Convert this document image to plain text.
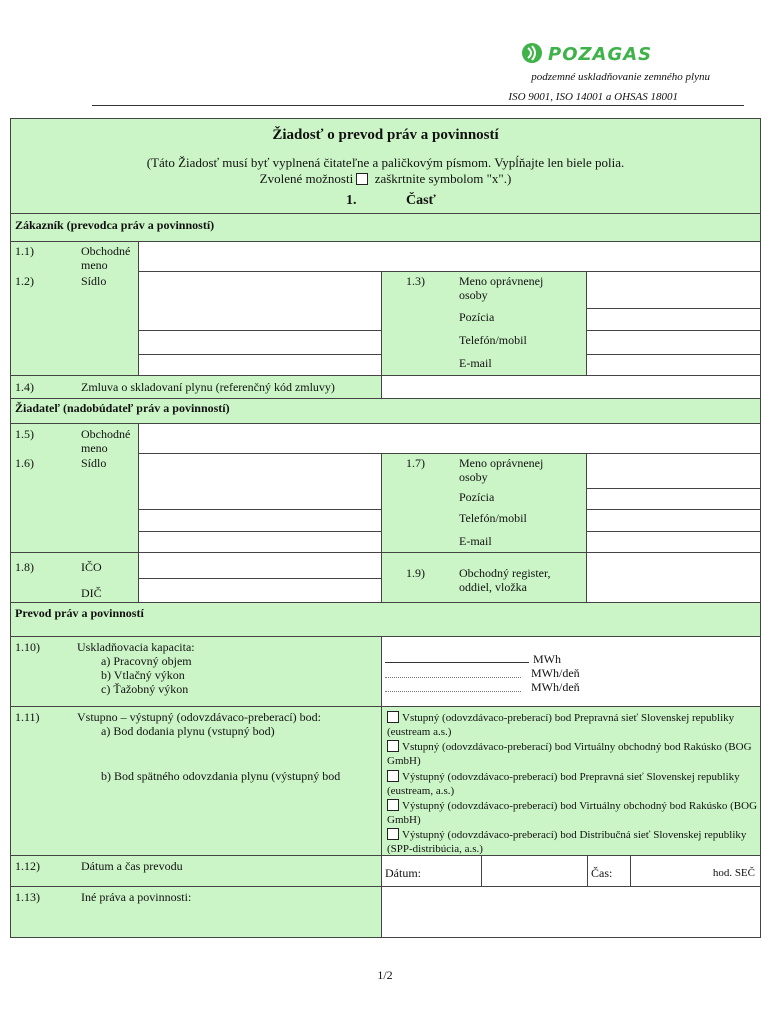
POZAGAS
podzemné uskladňovanie zemného plynu
ISO 9001, ISO 14001 a OHSAS 18001
Žiadosť o prevod práv a povinností
(Táto Žiadosť musí byť vyplnená čitateľne a paličkovým písmom. Vypĺňajte len biele polia.
Zvolené možnosti zaškrtnite symbolom "x".)
1.	Časť
Zákazník (prevodca práv a povinností)
1.1)	Obchodné meno
1.2)	Sídlo	1.3)	Meno oprávnenej osoby
Pozícia
Telefón/mobil
E-mail
1.4)	Zmluva o skladovaní plynu (referenčný kód zmluvy)
Žiadateľ (nadobúdateľ práv a povinností)
1.5)	Obchodné meno
1.6)	Sídlo	1.7)	Meno oprávnenej osoby
Pozícia
Telefón/mobil
E-mail
1.8)	IČO
DIČ
1.9)	Obchodný register, oddiel, vložka
Prevod práv a povinností
1.10)	Uskladňovacia kapacita:
a) Pracovný objem
b) Vtlačný výkon
c) Ťažobný výkon
MWh
MWh/deň
MWh/deň
1.11)	Vstupno – výstupný (odovzdávaco-preberací) bod:
a) Bod dodania plynu (vstupný bod)
b) Bod spätného odovzdania plynu (výstupný bod
Vstupný (odovzdávaco-preberací) bod Prepravná sieť Slovenskej republiky (eustream a.s.)
Vstupný (odovzdávaco-preberací) bod Virtuálny obchodný bod Rakúsko (BOG GmbH)
Výstupný (odovzdávaco-preberací) bod Prepravná sieť Slovenskej republiky (eustream, a.s.)
Výstupný (odovzdávaco-preberací) bod Virtuálny obchodný bod Rakúsko (BOG GmbH)
Výstupný (odovzdávaco-preberací) bod Distribučná sieť Slovenskej republiky (SPP-distribúcia, a.s.)
1.12)	Dátum a čas prevodu	Dátum:	Čas:	hod. SEČ
1.13)	Iné práva a povinnosti:
1/2
